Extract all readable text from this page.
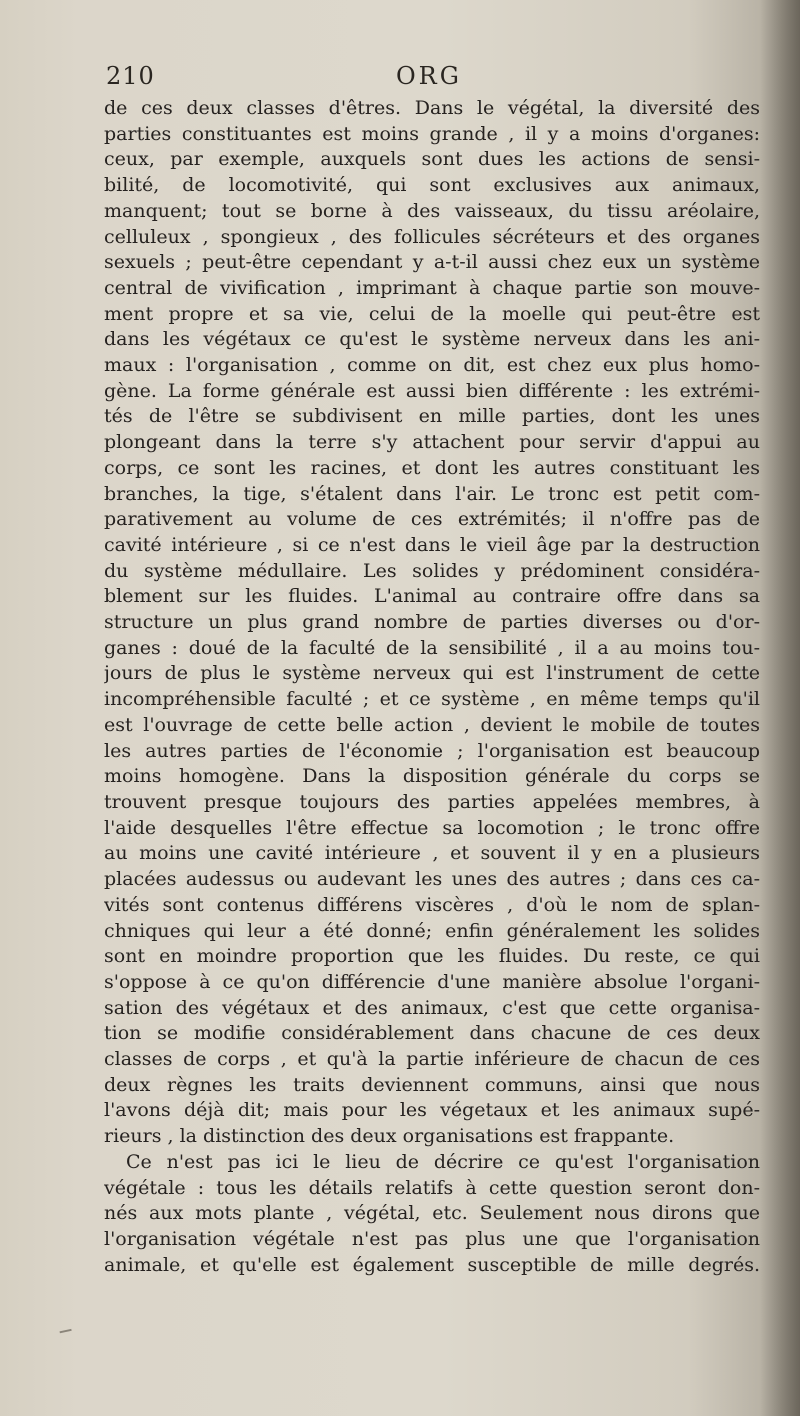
210	ORG
de ces deux classes d'êtres. Dans le végétal, la diversité des
parties constituantes est moins grande , il y a moins d'organes:
ceux, par exemple, auxquels sont dues les actions de sensi-
bilité, de locomotivité, qui sont exclusives aux animaux,
manquent; tout se borne à des vaisseaux, du tissu aréolaire,
celluleux , spongieux , des follicules sécréteurs et des organes
sexuels ; peut-être cependant y a-t-il aussi chez eux un système
central de vivification , imprimant à chaque partie son mouve-
ment propre et sa vie, celui de la moelle qui peut-être est
dans les végétaux ce qu'est le système nerveux dans les ani-
maux : l'organisation , comme on dit, est chez eux plus homo-
gène. La forme générale est aussi bien différente : les extrémi-
tés de l'être se subdivisent en mille parties, dont les unes
plongeant dans la terre s'y attachent pour servir d'appui au
corps, ce sont les racines, et dont les autres constituant les
branches, la tige, s'étalent dans l'air. Le tronc est petit com-
parativement au volume de ces extrémités; il n'offre pas de
cavité intérieure , si ce n'est dans le vieil âge par la destruction
du système médullaire. Les solides y prédominent considéra-
blement sur les fluides. L'animal au contraire offre dans sa
structure un plus grand nombre de parties diverses ou d'or-
ganes : doué de la faculté de la sensibilité , il a au moins tou-
jours de plus le système nerveux qui est l'instrument de cette
incompréhensible faculté ; et ce système , en même temps qu'il
est l'ouvrage de cette belle action , devient le mobile de toutes
les autres parties de l'économie ; l'organisation est beaucoup
moins homogène. Dans la disposition générale du corps se
trouvent presque toujours des parties appelées membres, à
l'aide desquelles l'être effectue sa locomotion ; le tronc offre
au moins une cavité intérieure , et souvent il y en a plusieurs
placées audessus ou audevant les unes des autres ; dans ces ca-
vités sont contenus différens viscères , d'où le nom de splan-
chniques qui leur a été donné; enfin généralement les solides
sont en moindre proportion que les fluides. Du reste, ce qui
s'oppose à ce qu'on différencie d'une manière absolue l'organi-
sation des végétaux et des animaux, c'est que cette organisa-
tion se modifie considérablement dans chacune de ces deux
classes de corps , et qu'à la partie inférieure de chacun de ces
deux règnes les traits deviennent communs, ainsi que nous
l'avons déjà dit; mais pour les végetaux et les animaux supé-
rieurs , la distinction des deux organisations est frappante.
Ce n'est pas ici le lieu de décrire ce qu'est l'organisation
végétale : tous les détails relatifs à cette question seront don-
nés aux mots plante , végétal, etc. Seulement nous dirons que
l'organisation végétale n'est pas plus une que l'organisation
animale, et qu'elle est également susceptible de mille degrés.
